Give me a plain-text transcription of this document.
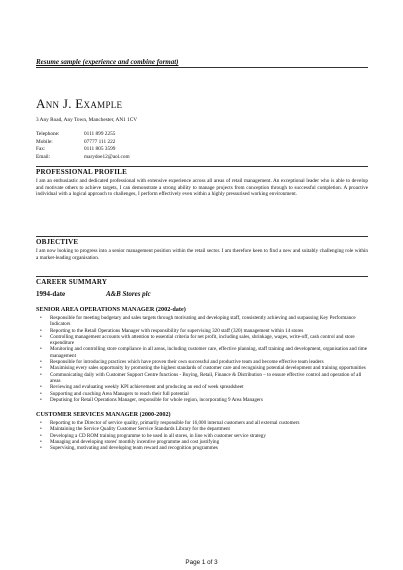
Resume sample (experience and combine format)
Ann J. Example
3 Any Road, Any Town, Manchester, AN1 1CV
Telephone:	0111 899 2255
Mobile:	07777 111 222
Fax:	0111 805 3599
Email:	marydoe12@aol.com
PROFESSIONAL PROFILE
I am an enthusiastic and dedicated professional with extensive experience across all areas of retail management. An exceptional leader who is able to develop and motivate others to achieve targets, I can demonstrate a strong ability to manage projects from conception through to successful completion. A proactive individual with a logical approach to challenges, I perform effectively even within a highly pressurised working environment.
OBJECTIVE
I am now looking to progress into a senior management position within the retail sector. I am therefore keen to find a new and suitably challenging role within a market-leading organisation.
CAREER SUMMARY
1994-date	A&B Stores plc
SENIOR AREA OPERATIONS MANAGER (2002-date)
• Responsible for meeting budgetary and sales targets through motivating and developing staff, consistently achieving and surpassing Key Performance Indicators
• Reporting to the Retail Operations Manager with responsibility for supervising 320 staff (320) management within 14 stores
• Controlling management accounts with attention to essential criteria for net profit, including sales, shrinkage, wages, write-off, cash control and store expenditure
• Monitoring and controlling store compliance in all areas, including customer care, effective planning, staff training and development, organisation and time management
• Responsible for introducing practices which have proven their own successful and productive team and become effective team leaders
• Maximising every sales opportunity by promoting the highest standards of customer care and recognising potential development and training opportunities
• Communicating daily with Customer Support Centre functions - Buying, Retail, Finance & Distribution – to ensure effective control and operation of all areas
• Reviewing and evaluating weekly KPI achievement and producing an end of week spreadsheet
• Supporting and coaching Area Managers to reach their full potential
• Deputising for Retail Operations Manager, responsible for whole region, incorporating 9 Area Managers
CUSTOMER SERVICES MANAGER (2000-2002)
• Reporting to the Director of service quality, primarily responsible for 16,000 internal customers and all external customers
• Maintaining the Service Quality Customer Service Standards Library for the department
• Developing a CD ROM training programme to be used in all stores, in line with customer service strategy
• Managing and developing stores' monthly incentive programme and cost justifying
• Supervising, motivating and developing team reward and recognition programmes
Page 1 of 3
